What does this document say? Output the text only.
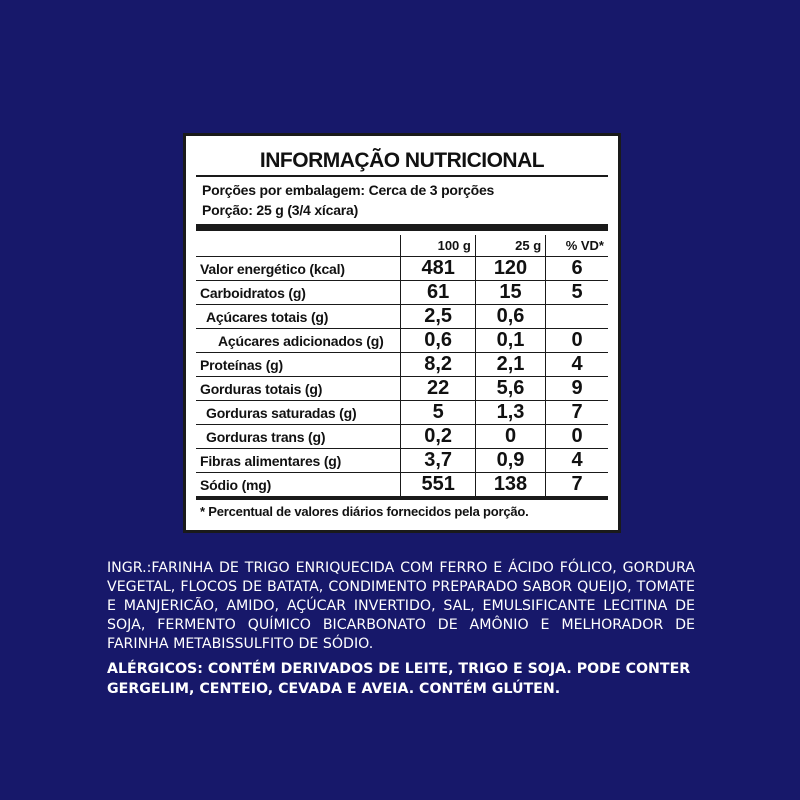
INFORMAÇÃO NUTRICIONAL
Porções por embalagem: Cerca de 3 porções
Porção: 25 g (3/4 xícara)
	100 g	25 g	% VD*
Valor energético (kcal)	481	120	6
Carboidratos (g)	61	15	5
Açúcares totais (g)	2,5	0,6	
Açúcares adicionados (g)	0,6	0,1	0
Proteínas (g)	8,2	2,1	4
Gorduras totais (g)	22	5,6	9
Gorduras saturadas (g)	5	1,3	7
Gorduras trans (g)	0,2	0	0
Fibras alimentares (g)	3,7	0,9	4
Sódio (mg)	551	138	7
* Percentual de valores diários fornecidos pela porção.
INGR.:FARINHA DE TRIGO ENRIQUECIDA COM FERRO E ÁCIDO FÓLICO, GORDURA VEGETAL, FLOCOS DE BATATA, CONDIMENTO PREPARADO SABOR QUEIJO, TOMATE E MANJERICÃO, AMIDO, AÇÚCAR INVERTIDO, SAL, EMULSIFICANTE LECITINA DE SOJA, FERMENTO QUÍMICO BICARBONATO DE AMÔNIO E MELHORADOR DE FARINHA METABISSULFITO DE SÓDIO.
ALÉRGICOS: CONTÉM DERIVADOS DE LEITE, TRIGO E SOJA. PODE CONTER GERGELIM, CENTEIO, CEVADA E AVEIA. CONTÉM GLÚTEN.
